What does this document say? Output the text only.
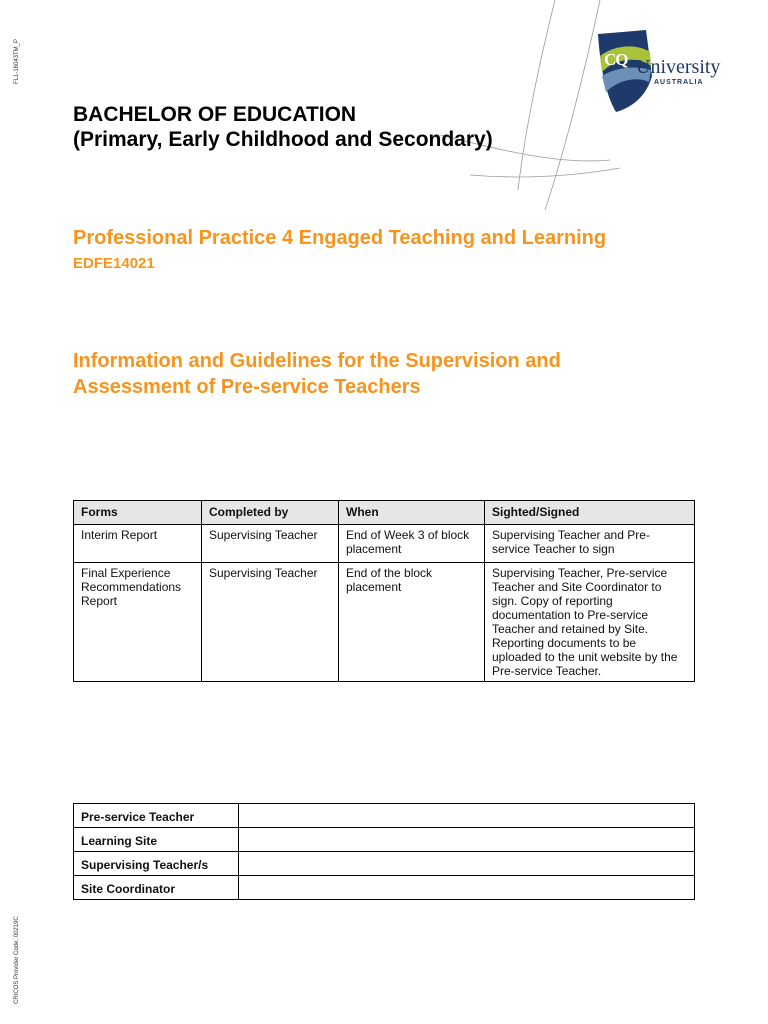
FL1-16043TM_P
CRICOS Provider Code: 00219C
CQ University
AUSTRALIA
BACHELOR OF EDUCATION
(Primary, Early Childhood and Secondary)
Professional Practice 4 Engaged Teaching and Learning
EDFE14021
Information and Guidelines for the Supervision and
Assessment of Pre-service Teachers
Forms	Completed by	When	Sighted/Signed
Interim Report	Supervising Teacher	End of Week 3 of block placement	Supervising Teacher and Pre-service Teacher to sign
Final Experience Recommendations Report	Supervising Teacher	End of the block placement	Supervising Teacher, Pre-service Teacher and Site Coordinator to sign. Copy of reporting documentation to Pre-service Teacher and retained by Site. Reporting documents to be uploaded to the unit website by the Pre-service Teacher.
Pre-service Teacher	
Learning Site	
Supervising Teacher/s	
Site Coordinator	
